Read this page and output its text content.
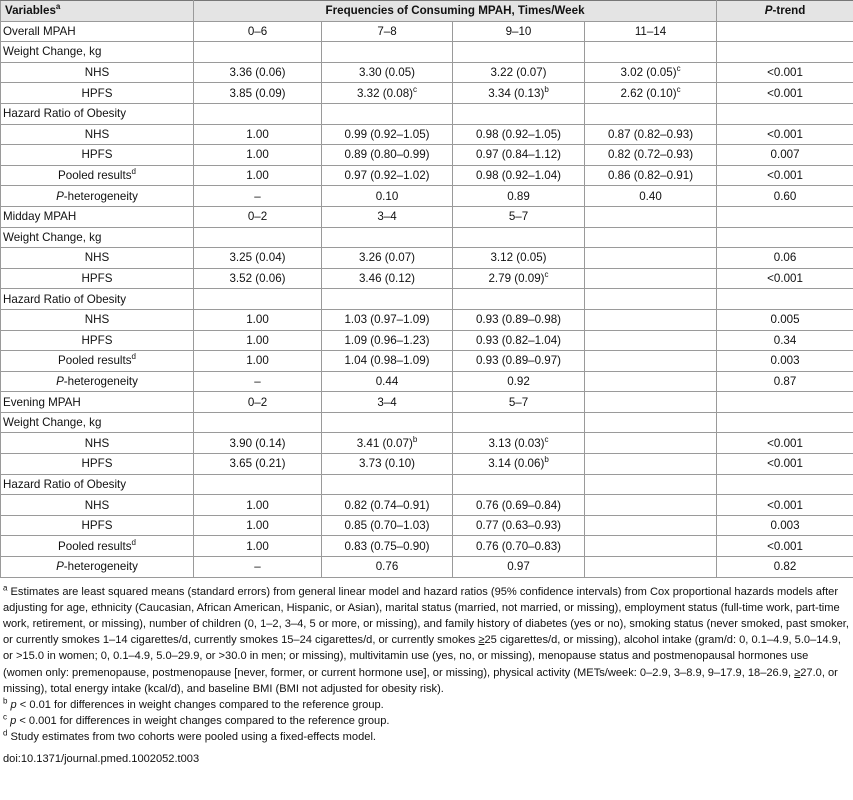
Variables$^a$	Frequencies of Consuming MPAH, Times/Week				P-trend
Overall MPAH	0–6	7–8	9–10	11–14	
Weight Change, kg					
NHS	3.36 (0.06)	3.30 (0.05)	3.22 (0.07)	3.02 $(0.05)^c$	<0.001
HPFS	3.85 (0.09)	3.32 $(0.08)^c$	3.34 $(0.13)^b$	2.62 $(0.10)^c$	<0.001
Hazard Ratio of Obesity					
NHS	1.00	0.99 (0.92–1.05)	0.98 (0.92–1.05)	0.87 (0.82–0.93)	<0.001
HPFS	1.00	0.89 (0.80–0.99)	0.97 (0.84–1.12)	0.82 (0.72–0.93)	0.007
Pooled results$^d$	1.00	0.97 (0.92–1.02)	0.98 (0.92–1.04)	0.86 (0.82–0.91)	<0.001
P-heterogeneity	–	0.10	0.89	0.40	0.60
Midday MPAH	0–2	3–4	5–7		
Weight Change, kg					
NHS	3.25 (0.04)	3.26 (0.07)	3.12 (0.05)		0.06
HPFS	3.52 (0.06)	3.46 (0.12)	2.79 $(0.09)^c$		<0.001
Hazard Ratio of Obesity					
NHS	1.00	1.03 (0.97–1.09)	0.93 (0.89–0.98)		0.005
HPFS	1.00	1.09 (0.96–1.23)	0.93 (0.82–1.04)		0.34
Pooled results$^d$	1.00	1.04 (0.98–1.09)	0.93 (0.89–0.97)		0.003
P-heterogeneity	–	0.44	0.92		0.87
Evening MPAH	0–2	3–4	5–7		
Weight Change, kg					
NHS	3.90 (0.14)	3.41 $(0.07)^b$	3.13 $(0.03)^c$		<0.001
HPFS	3.65 (0.21)	3.73 (0.10)	3.14 $(0.06)^b$		<0.001
Hazard Ratio of Obesity					
NHS	1.00	0.82 (0.74–0.91)	0.76 (0.69–0.84)		<0.001
HPFS	1.00	0.85 (0.70–1.03)	0.77 (0.63–0.93)		0.003
Pooled results$^d$	1.00	0.83 (0.75–0.90)	0.76 (0.70–0.83)		<0.001
P-heterogeneity	–	0.76	0.97		0.82

$^a$ Estimates are least squared means (standard errors) from general linear model and hazard ratios (95% confidence intervals) from Cox proportional hazards models after adjusting for age, ethnicity (Caucasian, African American, Hispanic, or Asian), marital status (married, not married, or missing), employment status (full-time work, part-time work, retirement, or missing), number of children (0, 1–2, 3–4, 5 or more, or missing), and family history of diabetes (yes or no), smoking status (never smoked, past smoker, or currently smokes 1–14 cigarettes/d, currently smokes 15–24 cigarettes/d, or currently smokes ≥25 cigarettes/d, or missing), alcohol intake (gram/d: 0, 0.1–4.9, 5.0–14.9, or >15.0 in women; 0, 0.1–4.9, 5.0–29.9, or >30.0 in men; or missing), multivitamin use (yes, no, or missing), menopause status and postmenopausal hormones use (women only: premenopause, postmenopause [never, former, or current hormone use], or missing), physical activity (METs/week: 0–2.9, 3–8.9, 9–17.9, 18–26.9, ≥27.0, or missing), total energy intake (kcal/d), and baseline BMI (BMI not adjusted for obesity risk).

$^b$ p < 0.01 for differences in weight changes compared to the reference group.

$^c$ p < 0.001 for differences in weight changes compared to the reference group.

$^d$ Study estimates from two cohorts were pooled using a fixed-effects model.

doi:10.1371/journal.pmed.1002052.t003
